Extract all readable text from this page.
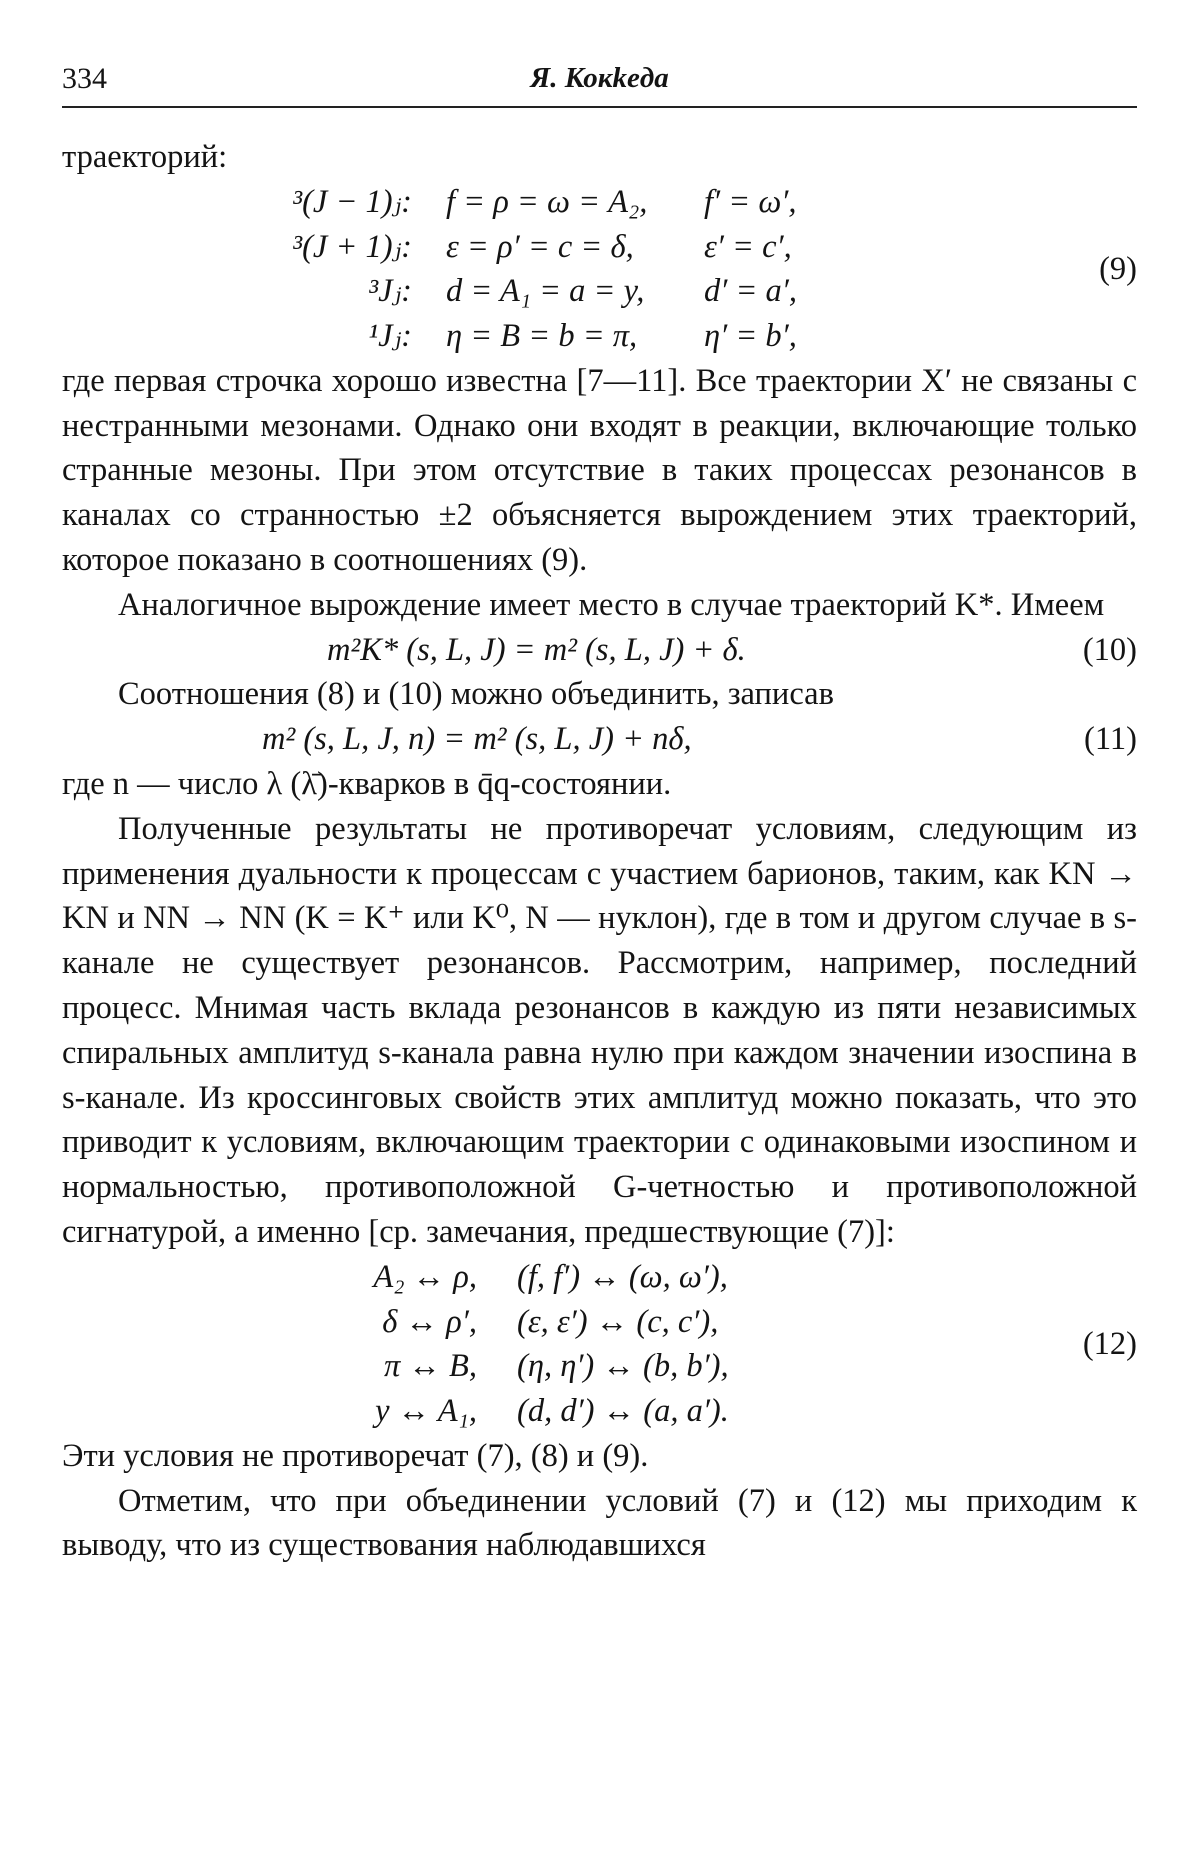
334	Я. Кокkeдa

траекторий:

³(J − 1)ⱼ:	f = ρ = ω = A₂,	f′ = ω′,
³(J + 1)ⱼ:	ε = ρ′ = c = δ,	ε′ = c′,
³Jⱼ:	d = A₁ = a = y,	d′ = a′,
¹Jⱼ:	η = B = b = π,	η′ = b′,
(9)

где первая строчка хорошо известна [7—11]. Все траектории X′ не связаны с нестранными мезонами. Однако они входят в реакции, включающие только странные мезоны. При этом отсутствие в таких процессах резонансов в каналах со странностью ±2 объясняется вырождением этих траекторий, которое показано в соотношениях (9).

Аналогичное вырождение имеет место в случае траекторий K*. Имеем

m²K* (s, L, J) = m² (s, L, J) + δ.	(10)

Соотношения (8) и (10) можно объединить, записав

m² (s, L, J, n) = m² (s, L, J) + nδ,	(11)

где n — число λ (λ̄)-кварков в q̄q-состоянии.

Полученные результаты не противоречат условиям, следующим из применения дуальности к процессам с участием барионов, таким, как KN → KN и NN → NN (K = K⁺ или K⁰, N — нуклон), где в том и другом случае в s-канале не существует резонансов. Рассмотрим, например, последний процесс. Мнимая часть вклада резонансов в каждую из пяти независимых спиральных амплитуд s-канала равна нулю при каждом значении изоспина в s-канале. Из кроссинговых свойств этих амплитуд можно показать, что это приводит к условиям, включающим траектории с одинаковыми изоспином и нормальностью, противоположной G-четностью и противоположной сигнатурой, а именно [ср. замечания, предшествующие (7)]:

A₂ ↔ ρ,	(f, f′) ↔ (ω, ω′),
δ ↔ ρ′,	(ε, ε′) ↔ (c, c′),
π ↔ B,	(η, η′) ↔ (b, b′),
y ↔ A₁,	(d, d′) ↔ (a, a′).
(12)

Эти условия не противоречат (7), (8) и (9).

Отметим, что при объединении условий (7) и (12) мы приходим к выводу, что из существования наблюдавшихся
